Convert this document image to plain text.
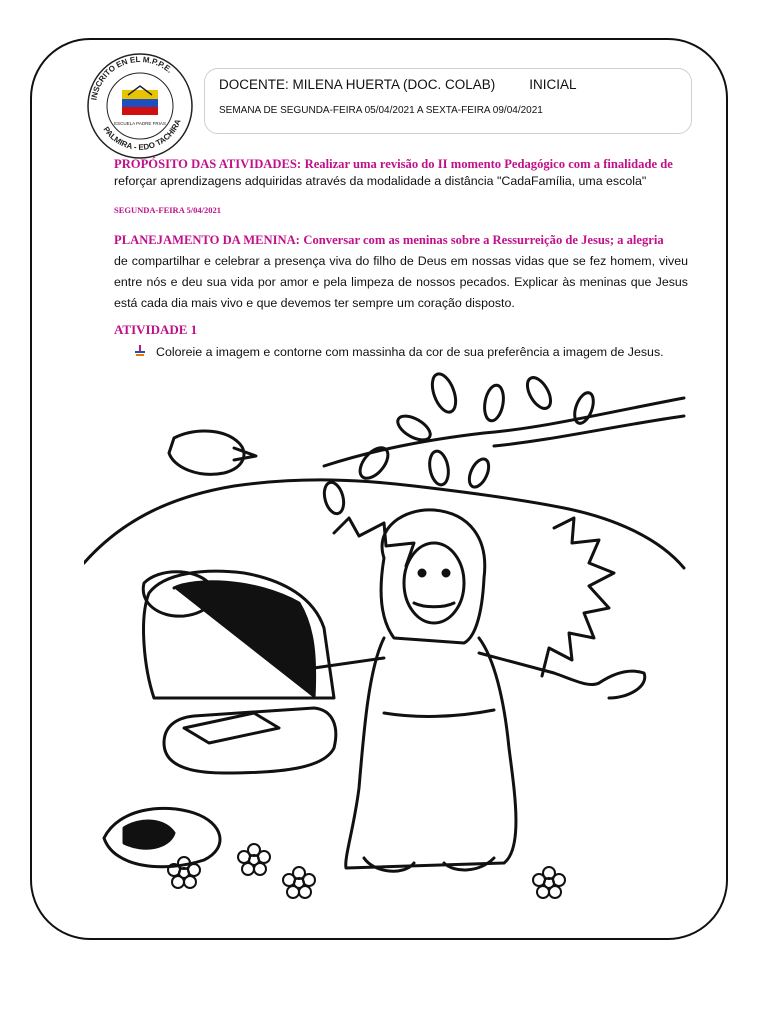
INSCRITO EN EL M.P.P.E.
PALMIRA - EDO TACHIRA
ESCUELA PADRE FRIAS
DOCENTE: MILENA HUERTA (DOC. COLAB)	INICIAL
SEMANA DE SEGUNDA-FEIRA 05/04/2021 A SEXTA-FEIRA 09/04/2021
PROPÓSITO DAS ATIVIDADES: Realizar uma revisão do II momento Pedagógico com a finalidade de
reforçar aprendizagens adquiridas através da modalidade a distância "CadaFamília, uma escola"
SEGUNDA-FEIRA 5/04/2021
PLANEJAMENTO DA MENINA: Conversar com as meninas sobre a Ressurreição de Jesus; a alegria
de compartilhar e celebrar a presença viva do filho de Deus em nossas vidas que se fez homem, viveu entre nós e deu sua vida por amor e pela limpeza de nossos pecados. Explicar às meninas que Jesus está cada dia mais vivo e que devemos ter sempre um coração disposto.
ATIVIDADE 1
Coloreie a imagem e contorne com massinha da cor de sua preferência a imagem de Jesus.
